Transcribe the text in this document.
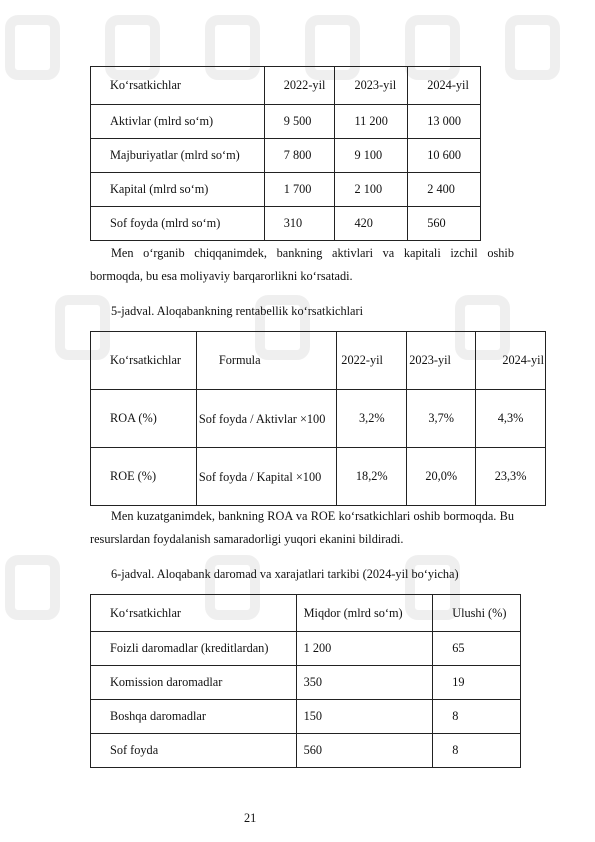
Ko‘rsatkichlar	2022-yil	2023-yil	2024-yil

Aktivlar (mlrd so‘m)	9 500	11 200	13 000

Majburiyatlar (mlrd so‘m)	7 800	9 100	10 600

Kapital (mlrd so‘m)	1 700	2 100	2 400

Sof foyda (mlrd so‘m)	310	420	560
Men o‘rganib chiqqanimdek, bankning aktivlari va kapitali izchil oshib bormoqda, bu esa moliyaviy barqarorlikni ko‘rsatadi.
5-jadval. Aloqabankning rentabellik ko‘rsatkichlari
Ko‘rsatkichlar	Formula	2022-yil	2023-yil	2024-yil

ROA (%)	Sof foyda / Aktivlar ×100	3,2%	3,7%	4,3%

ROE (%)	Sof foyda / Kapital ×100	18,2%	20,0%	23,3%
Men kuzatganimdek, bankning ROA va ROE ko‘rsatkichlari oshib bormoqda. Bu resurslardan foydalanish samaradorligi yuqori ekanini bildiradi.
6-jadval. Aloqabank daromad va xarajatlari tarkibi (2024-yil bo‘yicha)
Ko‘rsatkichlar	Miqdor (mlrd so‘m)	Ulushi (%)

Foizli daromadlar (kreditlardan)	1 200	65

Komission daromadlar	350	19

Boshqa daromadlar	150	8

Sof foyda	560	8
21
